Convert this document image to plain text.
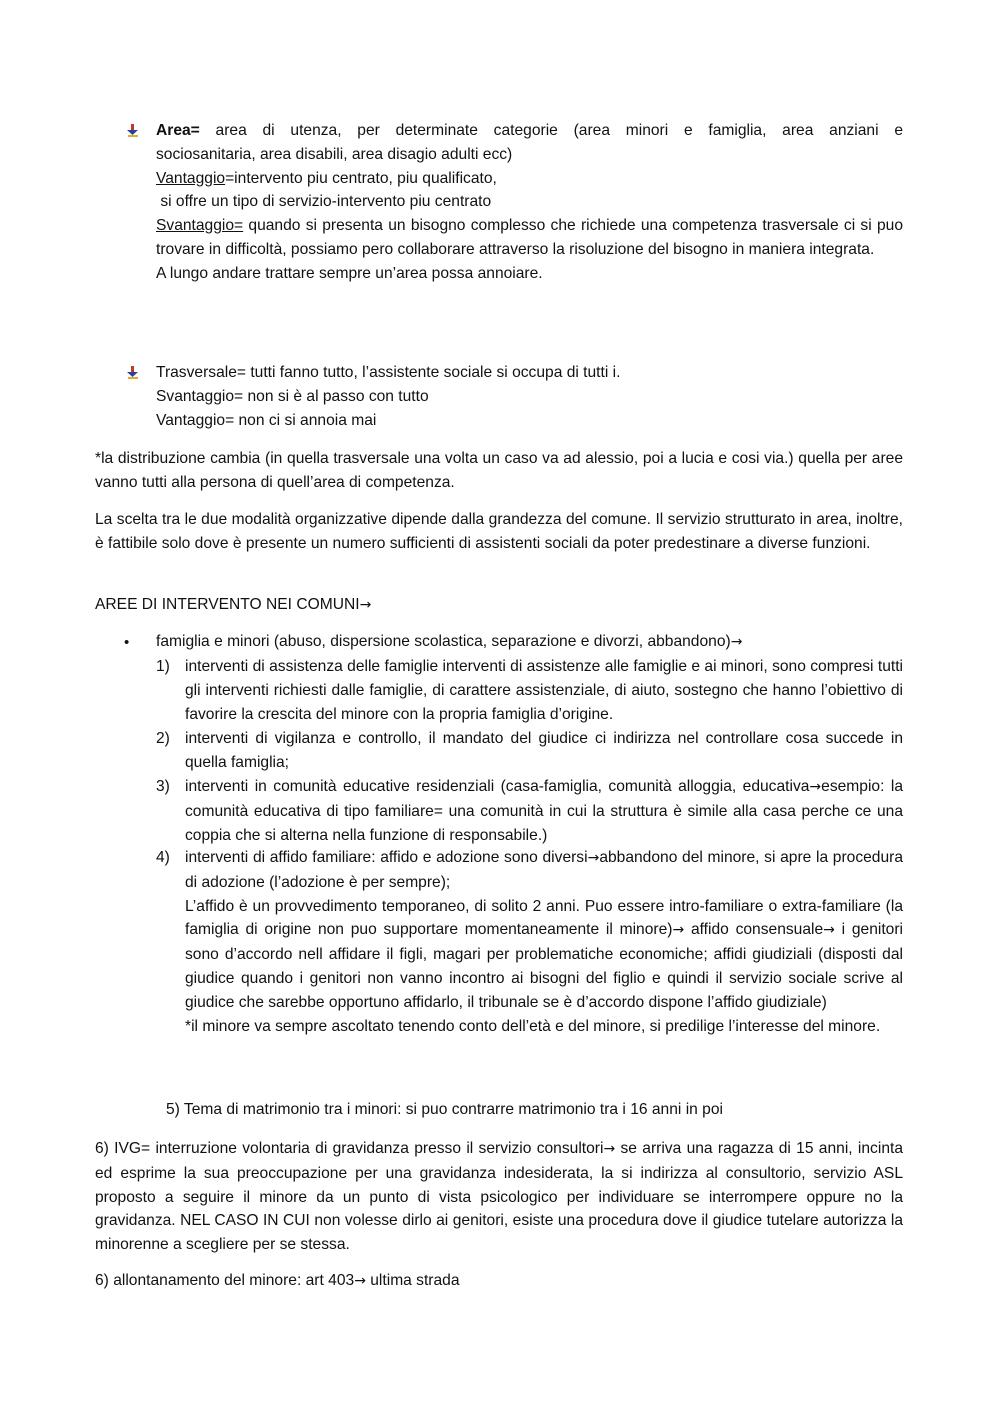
Area= area di utenza, per determinate categorie (area minori e famiglia, area anziani e
sociosanitaria, area disabili, area disagio adulti ecc)
Vantaggio=intervento piu centrato, piu qualificato,
si offre un tipo di servizio-intervento piu centrato
Svantaggio= quando si presenta un bisogno complesso che richiede una competenza trasversale ci si puo trovare in difficoltà, possiamo pero collaborare attraverso la risoluzione del bisogno in maniera integrata.
A lungo andare trattare sempre un’area possa annoiare.
Trasversale= tutti fanno tutto, l’assistente sociale si occupa di tutti i.
Svantaggio= non si è al passo con tutto
Vantaggio= non ci si annoia mai

*la distribuzione cambia (in quella trasversale una volta un caso va ad alessio, poi a lucia e cosi via.) quella per aree vanno tutti alla persona di quell’area di competenza.

La scelta tra le due modalità organizzative dipende dalla grandezza del comune. Il servizio strutturato in area, inoltre, è fattibile solo dove è presente un numero sufficienti di assistenti sociali da poter predestinare a diverse funzioni.

AREE DI INTERVENTO NEI COMUNI→

• famiglia e minori (abuso, dispersione scolastica, separazione e divorzi, abbandono)→
1) interventi di assistenza delle famiglie interventi di assistenze alle famiglie e ai minori, sono compresi tutti gli interventi richiesti dalle famiglie, di carattere assistenziale, di aiuto, sostegno che hanno l’obiettivo di favorire la crescita del minore con la propria famiglia d’origine.
2) interventi di vigilanza e controllo, il mandato del giudice ci indirizza nel controllare cosa succede in quella famiglia;
3) interventi in comunità educative residenziali (casa-famiglia, comunità alloggia, educativa→esempio: la comunità educativa di tipo familiare= una comunità in cui la struttura è simile alla casa perche ce una coppia che si alterna nella funzione di responsabile.)
4) interventi di affido familiare: affido e adozione sono diversi→abbandono del minore, si apre la procedura di adozione (l’adozione è per sempre);
L’affido è un provvedimento temporaneo, di solito 2 anni. Puo essere intro-familiare o extra-familiare (la famiglia di origine non puo supportare momentaneamente il minore)→ affido consensuale→ i genitori sono d’accordo nell affidare il figli, magari per problematiche economiche; affidi giudiziali (disposti dal giudice quando i genitori non vanno incontro ai bisogni del figlio e quindi il servizio sociale scrive al giudice che sarebbe opportuno affidarlo, il tribunale se è d’accordo dispone l’affido giudiziale)
*il minore va sempre ascoltato tenendo conto dell’età e del minore, si predilige l’interesse del minore.

5) Tema di matrimonio tra i minori: si puo contrarre matrimonio tra i 16 anni in poi

6) IVG= interruzione volontaria di gravidanza presso il servizio consultori→ se arriva una ragazza di 15 anni, incinta ed esprime la sua preoccupazione per una gravidanza indesiderata, la si indirizza al consultorio, servizio ASL proposto a seguire il minore da un punto di vista psicologico per individuare se interrompere oppure no la gravidanza. NEL CASO IN CUI non volesse dirlo ai genitori, esiste una procedura dove il giudice tutelare autorizza la minorenne a scegliere per se stessa.

6) allontanamento del minore: art 403→ ultima strada
